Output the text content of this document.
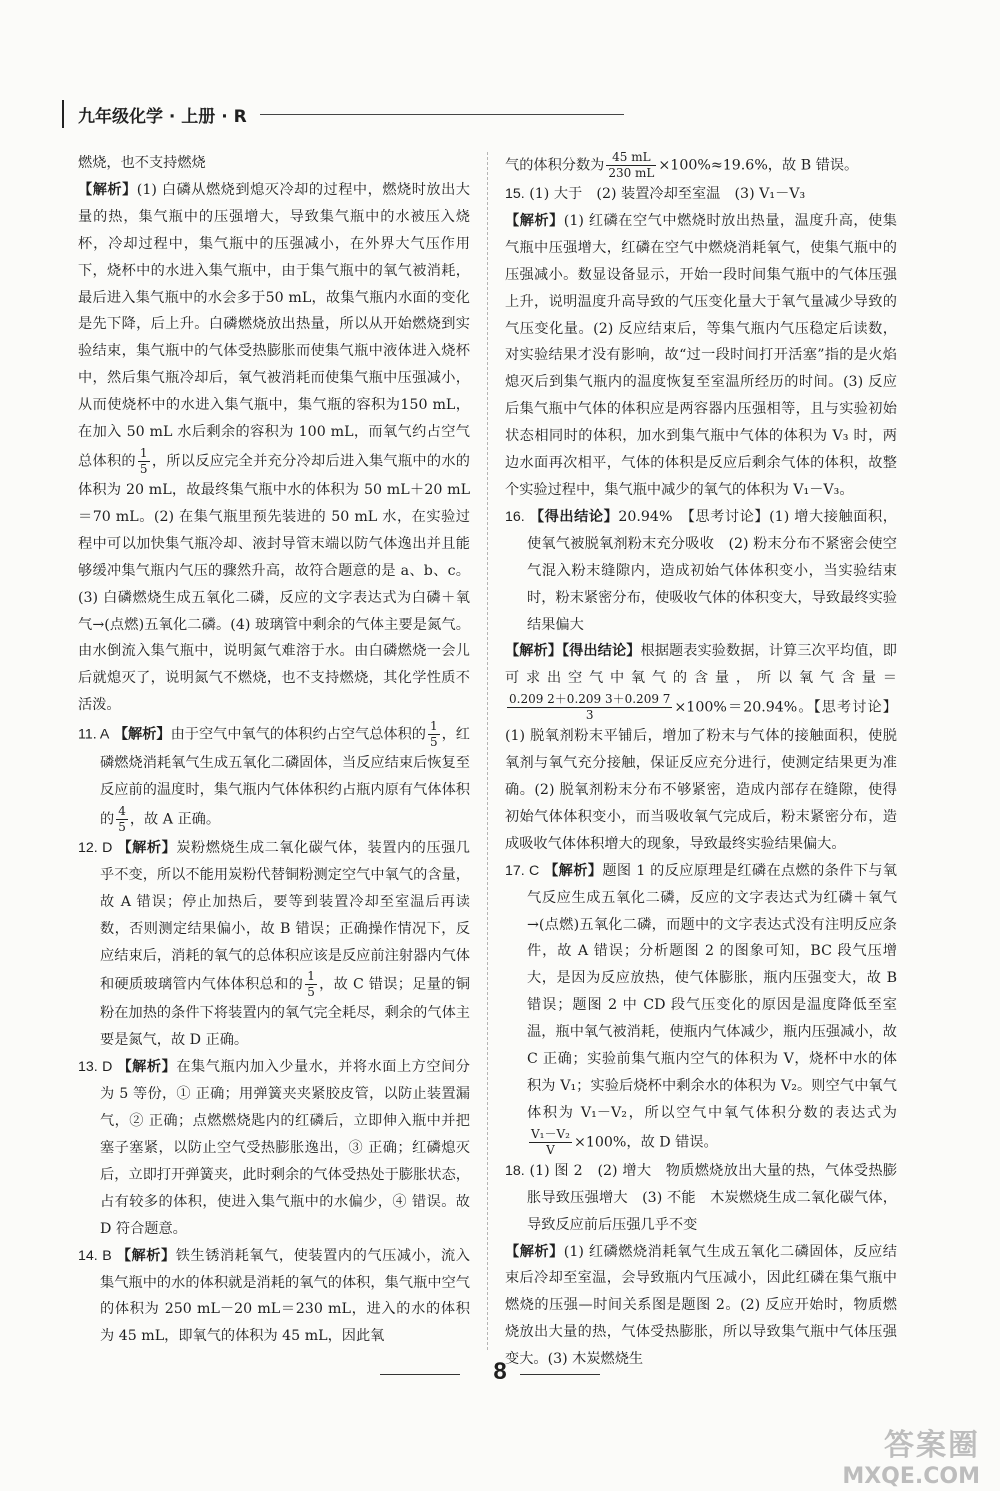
九年级化学 · 上册 · R

燃烧，也不支持燃烧

【解析】(1) 白磷从燃烧到熄灭冷却的过程中，燃烧时放出大量的热，集气瓶中的压强增大，导致集气瓶中的水被压入烧杯，冷却过程中，集气瓶中的压强减小，在外界大气压作用下，烧杯中的水进入集气瓶中，由于集气瓶中的氧气被消耗，最后进入集气瓶中的水会多于50 mL，故集气瓶内水面的变化是先下降，后上升。白磷燃烧放出热量，所以从开始燃烧到实验结束，集气瓶中的气体受热膨胀而使集气瓶中液体进入烧杯中，然后集气瓶冷却后，氧气被消耗而使集气瓶中压强减小，从而使烧杯中的水进入集气瓶中，集气瓶的容积为150 mL，在加入 50 mL 水后剩余的容积为 100 mL，而氧气约占空气总体积的 $\frac{1}{5}$ ，所以反应完全并充分冷却后进入集气瓶中的水的体积为 20 mL，故最终集气瓶中水的体积为 50 mL＋20 mL＝70 mL。(2) 在集气瓶里预先装进的 50 mL 水，在实验过程中可以加快集气瓶冷却、液封导管末端以防气体逸出并且能够缓冲集气瓶内气压的骤然升高，故符合题意的是 a、b、c。(3) 白磷燃烧生成五氧化二磷，反应的文字表达式为白磷＋氧气→(点燃)五氧化二磷。(4) 玻璃管中剩余的气体主要是氮气。由水倒流入集气瓶中，说明氮气难溶于水。由白磷燃烧一会儿后就熄灭了，说明氮气不燃烧，也不支持燃烧，其化学性质不活泼。

11. A 【解析】由于空气中氧气的体积约占空气总体积的 $\frac{1}{5}$ ，红磷燃烧消耗氧气生成五氧化二磷固体，当反应结束后恢复至反应前的温度时，集气瓶内气体体积约占瓶内原有气体体积的 $\frac{4}{5}$ ，故 A 正确。

12. D 【解析】炭粉燃烧生成二氧化碳气体，装置内的压强几乎不变，所以不能用炭粉代替铜粉测定空气中氧气的含量，故 A 错误；停止加热后，要等到装置冷却至室温后再读数，否则测定结果偏小，故 B 错误；正确操作情况下，反应结束后，消耗的氧气的总体积应该是反应前注射器内气体和硬质玻璃管内气体体积总和的 $\frac{1}{5}$ ，故 C 错误；足量的铜粉在加热的条件下将装置内的氧气完全耗尽，剩余的气体主要是氮气，故 D 正确。

13. D 【解析】在集气瓶内加入少量水，并将水面上方空间分为 5 等份，① 正确；用弹簧夹夹紧胶皮管，以防止装置漏气，② 正确；点燃燃烧匙内的红磷后，立即伸入瓶中并把塞子塞紧，以防止空气受热膨胀逸出，③ 正确；红磷熄灭后，立即打开弹簧夹，此时剩余的气体受热处于膨胀状态，占有较多的体积，使进入集气瓶中的水偏少，④ 错误。故 D 符合题意。

14. B 【解析】铁生锈消耗氧气，使装置内的气压减小，流入集气瓶中的水的体积就是消耗的氧气的体积，集气瓶中空气的体积为 250 mL－20 mL＝230 mL，进入的水的体积为 45 mL，即氧气的体积为 45 mL，因此氧

气的体积分数为 $\frac{45 mL}{230 mL} \times 100\%\approx 19.6\%$，故 B 错误。

15. (1) 大于　(2) 装置冷却至室温　(3) V₁－V₃

【解析】(1) 红磷在空气中燃烧时放出热量，温度升高，使集气瓶中压强增大，红磷在空气中燃烧消耗氧气，使集气瓶中的压强减小。数显设备显示，开始一段时间集气瓶中的气体压强上升，说明温度升高导致的气压变化量大于氧气量减少导致的气压变化量。(2) 反应结束后，等集气瓶内气压稳定后读数，对实验结果才没有影响，故“过一段时间打开活塞”指的是火焰熄灭后到集气瓶内的温度恢复至室温所经历的时间。(3) 反应后集气瓶中气体的体积应是两容器内压强相等，且与实验初始状态相同时的体积，加水到集气瓶中气体的体积为 V₃ 时，两边水面再次相平，气体的体积是反应后剩余气体的体积，故整个实验过程中，集气瓶中减少的氧气的体积为 V₁－V₃。

16. 【得出结论】20.94%　【思考讨论】(1) 增大接触面积，使氧气被脱氧剂粉末充分吸收　(2) 粉末分布不紧密会使空气混入粉末缝隙内，造成初始气体体积变小，当实验结束时，粉末紧密分布，使吸收气体的体积变大，导致最终实验结果偏大

【解析】【得出结论】根据题表实验数据，计算三次平均值，即可求出空气中氧气的含量，所以氧气含量＝
$\frac{0.209 2+0.209 3+0.209 7}{3} \times 100\%=20.94\%$。【思考讨论】(1) 脱氧剂粉末平铺后，增加了粉末与气体的接触面积，使脱氧剂与氧气充分接触，保证反应充分进行，使测定结果更为准确。(2) 脱氧剂粉末分布不够紧密，造成内部存在缝隙，使得初始气体体积变小，而当吸收氧气完成后，粉末紧密分布，造成吸收气体体积增大的现象，导致最终实验结果偏大。

17. C 【解析】题图 1 的反应原理是红磷在点燃的条件下与氧气反应生成五氧化二磷，反应的文字表达式为红磷＋氧气→(点燃)五氧化二磷，而题中的文字表达式没有注明反应条件，故 A 错误；分析题图 2 的图象可知，BC 段气压增大，是因为反应放热，使气体膨胀，瓶内压强变大，故 B 错误；题图 2 中 CD 段气压变化的原因是温度降低至室温，瓶中氧气被消耗，使瓶内气体减少，瓶内压强减小，故 C 正确；实验前集气瓶内空气的体积为 V，烧杯中水的体积为 V₁；实验后烧杯中剩余水的体积为 V₂。则空气中氧气体积为 V₁－V₂，所以空气中氧气体积分数的表达式为
$\frac{\text{V₁－V₂}}{V} \times 100\%$，故 D 错误。

18. (1) 图 2　(2) 增大　物质燃烧放出大量的热，气体受热膨胀导致压强增大　(3) 不能　木炭燃烧生成二氧化碳气体，导致反应前后压强几乎不变

【解析】(1) 红磷燃烧消耗氧气生成五氧化二磷固体，反应结束后冷却至室温，会导致瓶内气压减小，因此红磷在集气瓶中燃烧的压强—时间关系图是题图 2。(2) 反应开始时，物质燃烧放出大量的热，气体受热膨胀，所以导致集气瓶中气体压强变大。(3) 木炭燃烧生

8
答案圈
MXQE.COM
